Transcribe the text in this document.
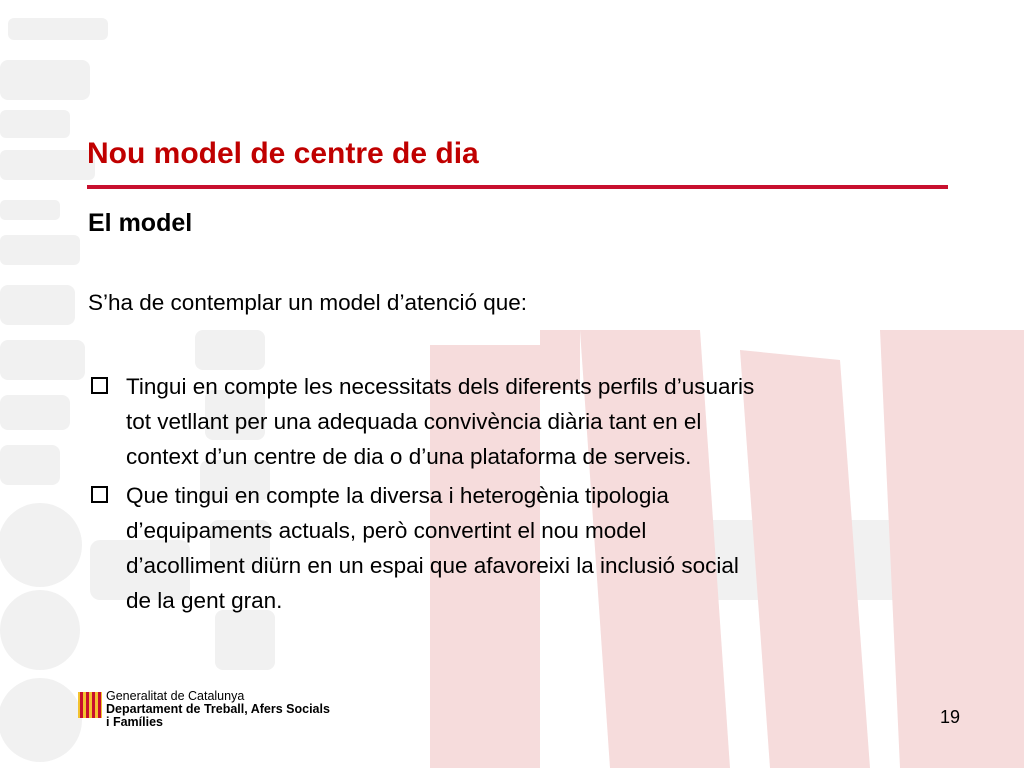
Nou model de centre de dia
El model
S’ha de contemplar un model d’atenció que:
Tingui en compte les necessitats dels diferents perfils d’usuaris
tot vetllant per una adequada convivència diària tant en el
context d’un centre de dia o d’una plataforma de serveis.
Que tingui en compte la diversa i heterogènia tipologia
d’equipaments actuals, però convertint el nou model
d’acolliment diürn en un espai que afavoreixi la inclusió social
de la gent gran.
Generalitat de Catalunya
Departament de Treball, Afers Socials
i Famílies	19
